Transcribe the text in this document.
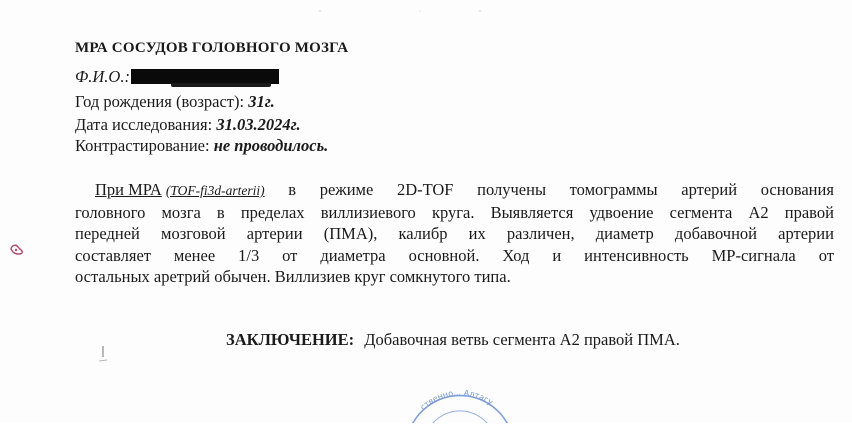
МРА СОСУДОВ ГОЛОВНОГО МОЗГА
Ф.И.О.:
Год рождения (возраст): 31г.
Дата исследования: 31.03.2024г.
Контрастирование: не проводилось.
При МРА (TOF-fi3d-arterii) в режиме 2D-TOF получены томограммы артерий основания
головного мозга в пределах виллизиевого круга. Выявляется удвоение сегмента А2 правой
передней мозговой артерии (ПМА), калибр их различен, диаметр добавочной артерии
составляет менее 1/3 от диаметра основной. Ход и интенсивность МР-сигнала от
остальных аретрий обычен. Виллизиев круг сомкнутого типа.
ЗАКЛЮЧЕНИЕ: Добавочная ветвь сегмента А2 правой ПМА.
...ственно... Алтагу...
